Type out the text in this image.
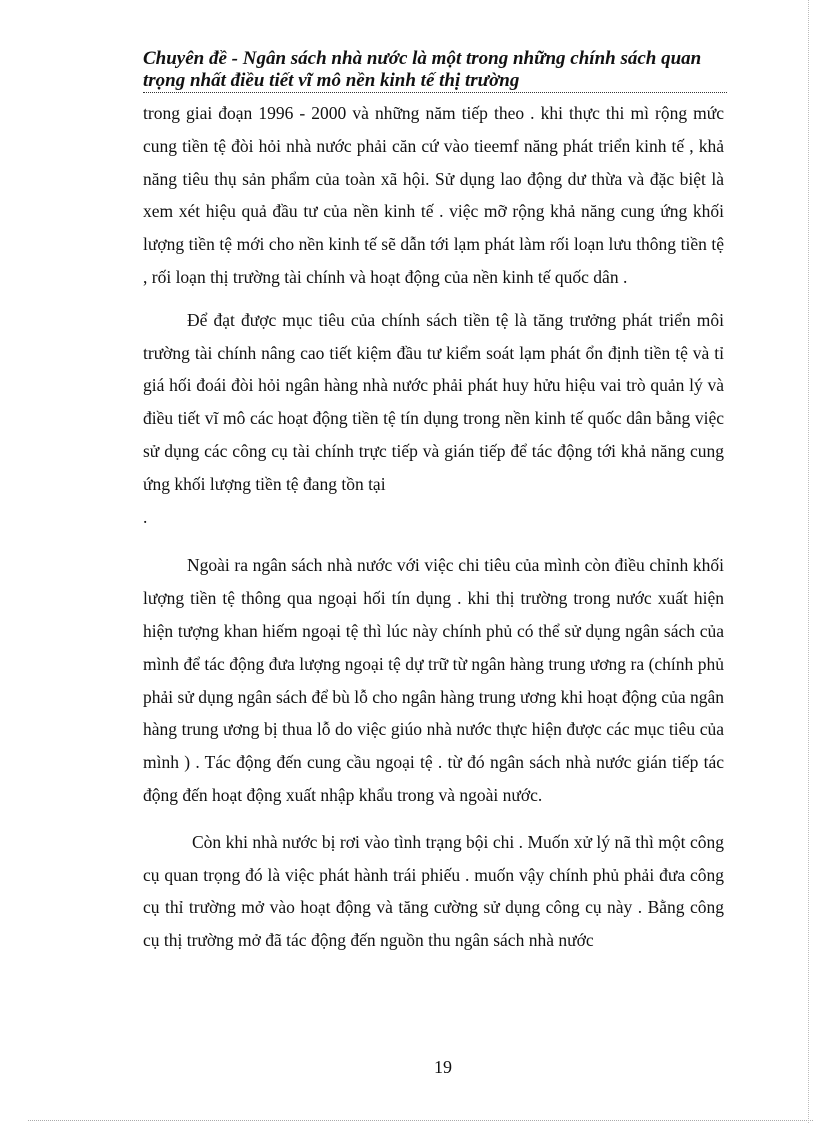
Chuyên đề - Ngân sách nhà nước là một trong những chính sách quan trọng nhất điều tiết vĩ mô nền kinh tế thị trường

trong giai đoạn 1996 - 2000 và những năm tiếp theo . khi thực thi mì rộng mức cung tiền tệ đòi hỏi nhà nước phải căn cứ vào tieemf năng phát triển kinh tế , khả năng tiêu thụ sản phẩm của toàn xã hội. Sử dụng lao động dư thừa và đặc biệt là xem xét hiệu quả đầu tư của nền kinh tế . việc mỡ rộng khả năng cung ứng khối lượng tiền tệ mới cho nền kinh tế sẽ dẫn tới lạm phát làm rối loạn lưu thông tiền tệ , rối loạn thị trường tài chính và hoạt động của nền kinh tế quốc dân .

Để đạt được mục tiêu của chính sách tiền tệ là tăng trưởng phát triển môi trường tài chính nâng cao tiết kiệm đầu tư kiểm soát lạm phát ổn định tiền tệ và tỉ giá hối đoái đòi hỏi ngân hàng nhà nước phải phát huy hửu hiệu vai trò quản lý và điều tiết vĩ mô các hoạt động tiền tệ tín dụng trong nền kinh tế quốc dân bằng việc sử dụng các công cụ tài chính trực tiếp và gián tiếp để tác động tới khả năng cung ứng khối lượng tiền tệ đang tồn tại

.

Ngoài ra ngân sách nhà nước với việc chi tiêu của mình còn điều chỉnh khối lượng tiền tệ thông qua ngoại hối tín dụng . khi thị trường trong nước xuất hiện hiện tượng khan hiếm ngoại tệ thì lúc này chính phủ có thể sử dụng ngân sách của mình để tác động đưa lượng ngoại tệ dự trữ từ ngân hàng trung ương ra (chính phủ phải sử dụng ngân sách để bù lỗ cho ngân hàng trung ương khi hoạt động của ngân hàng trung ương bị thua lỗ do việc giúo nhà nước thực hiện được các mục tiêu của mình ) . Tác động đến cung cầu ngoại tệ . từ đó ngân sách nhà nước gián tiếp tác động đến hoạt động xuất nhập khẩu trong và ngoài nước.

Còn khi nhà nước bị rơi vào tình trạng bội chi . Muốn xử lý nã thì một công cụ quan trọng đó là việc phát hành trái phiếu . muốn vậy chính phủ phải đưa công cụ thỉ trường mở vào hoạt động và tăng cường sử dụng công cụ này . Bằng công cụ thị trường mở đã tác động đến nguồn thu ngân sách nhà nước

19
